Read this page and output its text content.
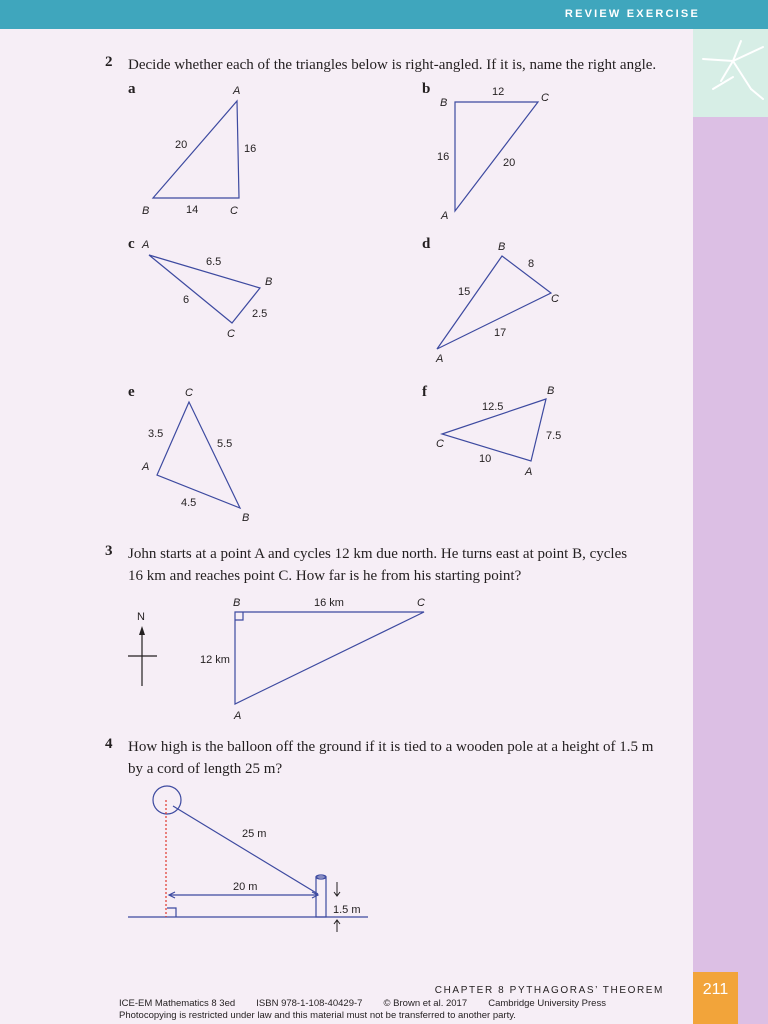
REVIEW EXERCISE
2 Decide whether each of the triangles below is right-angled. If it is, name the right angle.
a	b
c	d
e	f
A
B	C
20	16
14
B	C
A
12
16	20
A
B
C
6.5
6
2.5
B
C
A
8
15
17
C
A
B
3.5
5.5
4.5
B
C
A
12.5
7.5
10
N
B	C
A
16 km
12 km
25 m
20 m
1.5 m
3 John starts at a point A and cycles 12 km due north. He turns east at point B, cycles
16 km and reaches point C. How far is he from his starting point?
4 How high is the balloon off the ground if it is tied to a wooden pole at a height of 1.5 m
by a cord of length 25 m?
CHAPTER 8 PYTHAGORAS’ THEOREM	211
ICE-EM Mathematics 8 3ed        ISBN 978-1-108-40429-7        © Brown et al. 2017        Cambridge University Press
Photocopying is restricted under law and this material must not be transferred to another party.
